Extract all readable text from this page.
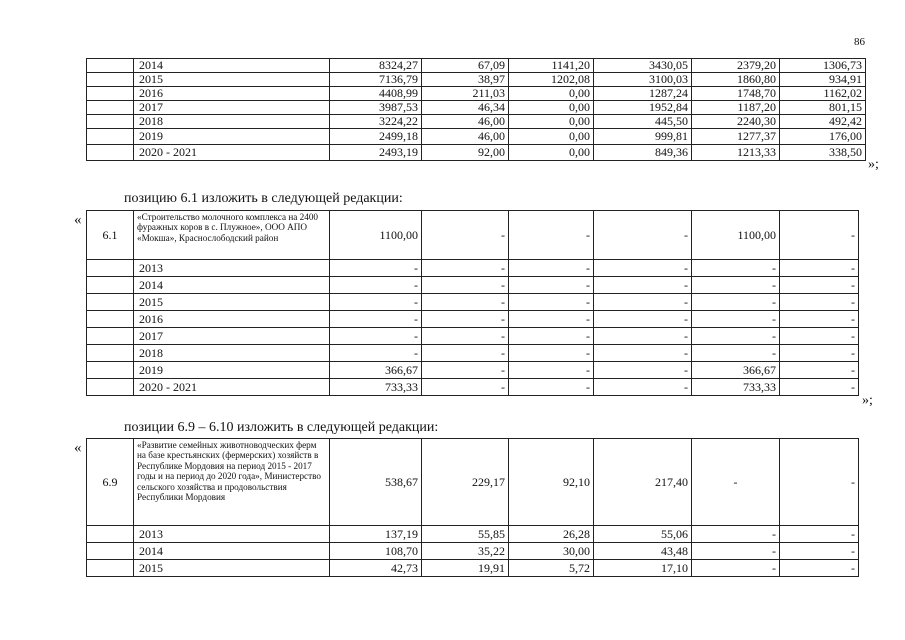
86
	2014	8324,27	67,09	1141,20	3430,05	2379,20	1306,73
	2015	7136,79	38,97	1202,08	3100,03	1860,80	934,91
	2016	4408,99	211,03	0,00	1287,24	1748,70	1162,02
	2017	3987,53	46,34	0,00	1952,84	1187,20	801,15
	2018	3224,22	46,00	0,00	445,50	2240,30	492,42
	2019	2499,18	46,00	0,00	999,81	1277,37	176,00
	2020 - 2021	2493,19	92,00	0,00	849,36	1213,33	338,50
»;
позицию 6.1 изложить в следующей редакции:
«
6.1	«Строительство молочного комплекса на 2400 фуражных коров в с. Плужное», ООО АПО «Мокша», Краснослободский район	1100,00	-	-	-	1100,00	-
	2013	-	-	-	-	-	-
	2014	-	-	-	-	-	-
	2015	-	-	-	-	-	-
	2016	-	-	-	-	-	-
	2017	-	-	-	-	-	-
	2018	-	-	-	-	-	-
	2019	366,67	-	-	-	366,67	-
	2020 - 2021	733,33	-	-	-	733,33	-
»;
позиции 6.9 – 6.10 изложить в следующей редакции:
«
6.9	«Развитие семейных животноводческих ферм на базе крестьянских (фермерских) хозяйств в Республике Мордовия на период 2015 - 2017 годы и на период до 2020 года», Министерство сельского хозяйства и продовольствия Республики Мордовия	538,67	229,17	92,10	217,40	-	-
	2013	137,19	55,85	26,28	55,06	-	-
	2014	108,70	35,22	30,00	43,48	-	-
	2015	42,73	19,91	5,72	17,10	-	-
